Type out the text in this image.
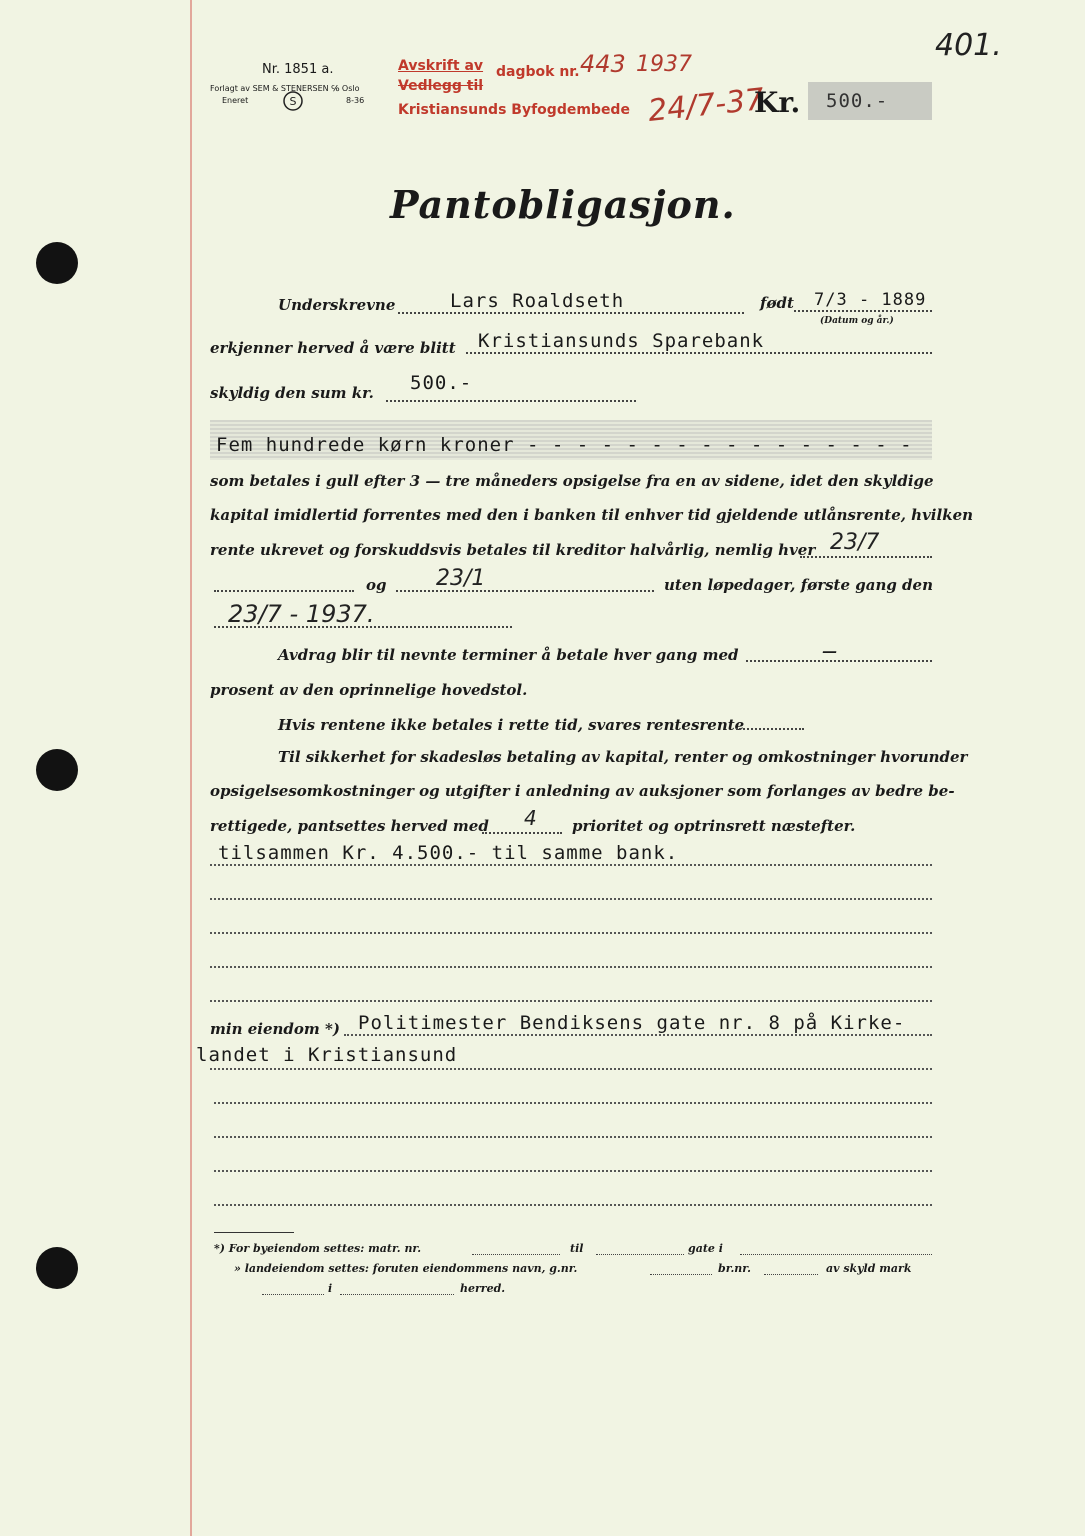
401.
Nr. 1851 a.
Forlagt av SEM & STENERSEN ℅ Oslo
Eneret	8-36
S
Avskrift av dagbok nr.
Vedlegg til
Kristiansunds Byfogdembede
443 1937
24/7-37
Kr. 500.-
Pantobligasjon.
Underskrevne	Lars Roaldseth	født 7/3 - 1889
(Datum og år.)
erkjenner herved å være blitt Kristiansunds Sparebank
skyldig den sum kr. 500.-
Fem hundrede kørn kroner - - - - - - - - - - - - - - - -
som betales i gull efter 3 — tre måneders opsigelse fra en av sidene, idet den skyldige
kapital imidlertid forrentes med den i banken til enhver tid gjeldende utlånsrente, hvilken
rente ukrevet og forskuddsvis betales til kreditor halvårlig, nemlig hver 23/7
og 23/1	uten løpedager, første gang den
23/7 - 1937.
Avdrag blir til nevnte terminer å betale hver gang med	—
prosent av den oprinnelige hovedstol.
Hvis rentene ikke betales i rette tid, svares rentesrente
Til sikkerhet for skadesløs betaling av kapital, renter og omkostninger hvorunder
opsigelsesomkostninger og utgifter i anledning av auksjoner som forlanges av bedre be-
rettigede, pantsettes herved med 4 prioritet og optrinsrett næstefter.
tilsammen Kr. 4.500.- til samme bank.
min eiendom *) Politimester Bendiksens gate nr. 8 på Kirke-
landet i Kristiansund
*) For byeiendom settes: matr. nr.	til	gate i
» landeiendom settes: foruten eiendommens navn, g.nr.	br.nr.	av skyld mark
i	herred.
